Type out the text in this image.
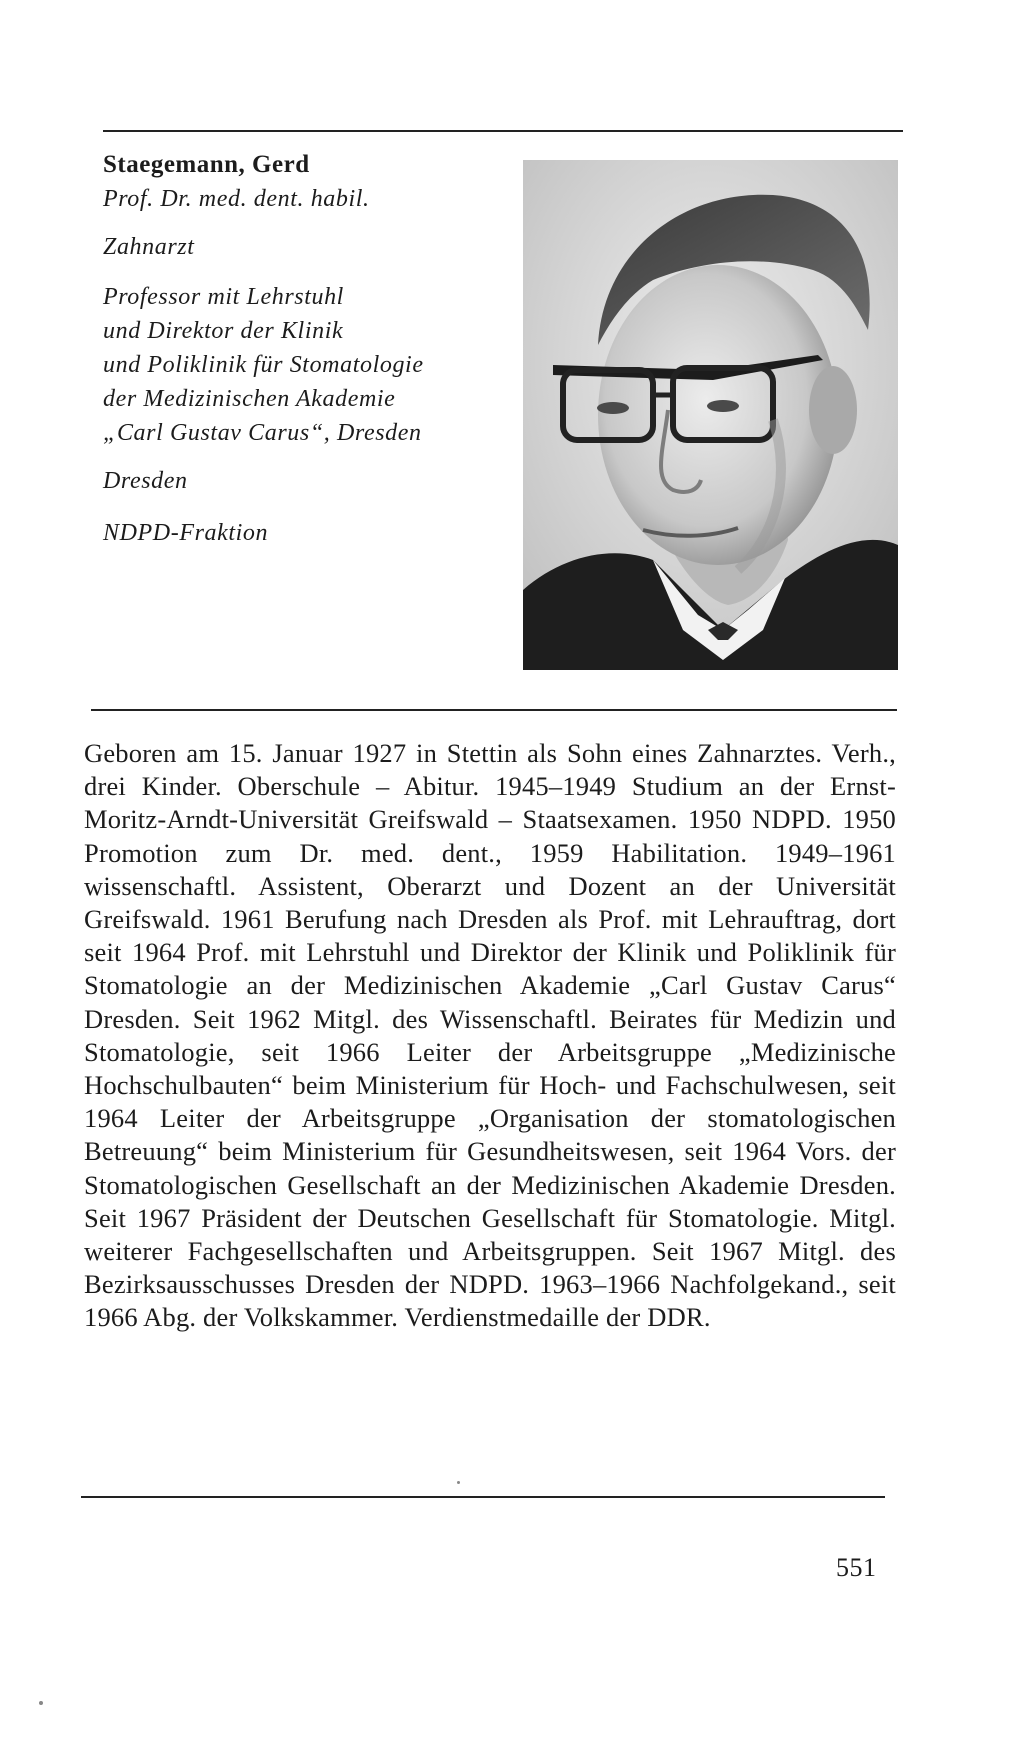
Staegemann, Gerd

Prof. Dr. med. dent. habil.

Zahnarzt

Professor mit Lehrstuhl

und Direktor der Klinik

und Poliklinik für Stomatologie

der Medizinischen Akademie

„Carl Gustav Carus“, Dresden

Dresden

NDPD-Fraktion

Geboren am 15. Januar 1927 in Stettin als Sohn eines Zahnarztes. Verh., drei Kinder. Oberschule – Abitur. 1945–1949 Studium an der Ernst-Moritz-Arndt-Universität Greifswald – Staatsexamen. 1950 NDPD. 1950 Promotion zum Dr. med. dent., 1959 Habilitation. 1949–1961 wissenschaftl. Assistent, Oberarzt und Dozent an der Universität Greifswald. 1961 Berufung nach Dresden als Prof. mit Lehrauftrag, dort seit 1964 Prof. mit Lehrstuhl und Direktor der Klinik und Poliklinik für Stomatologie an der Medizinischen Akademie „Carl Gustav Carus“ Dresden. Seit 1962 Mitgl. des Wissenschaftl. Beirates für Medizin und Stomatologie, seit 1966 Leiter der Arbeitsgruppe „Medizinische Hochschulbauten“ beim Ministerium für Hoch- und Fachschulwesen, seit 1964 Leiter der Arbeitsgruppe „Organisation der stomatologischen Betreuung“ beim Ministerium für Gesundheitswesen, seit 1964 Vors. der Stomatologischen Gesellschaft an der Medizinischen Akademie Dresden. Seit 1967 Präsident der Deutschen Gesellschaft für Stomatologie. Mitgl. weiterer Fachgesellschaften und Arbeitsgruppen. Seit 1967 Mitgl. des Bezirksausschusses Dresden der NDPD. 1963–1966 Nachfolgekand., seit 1966 Abg. der Volkskammer. Verdienstmedaille der DDR.

551
